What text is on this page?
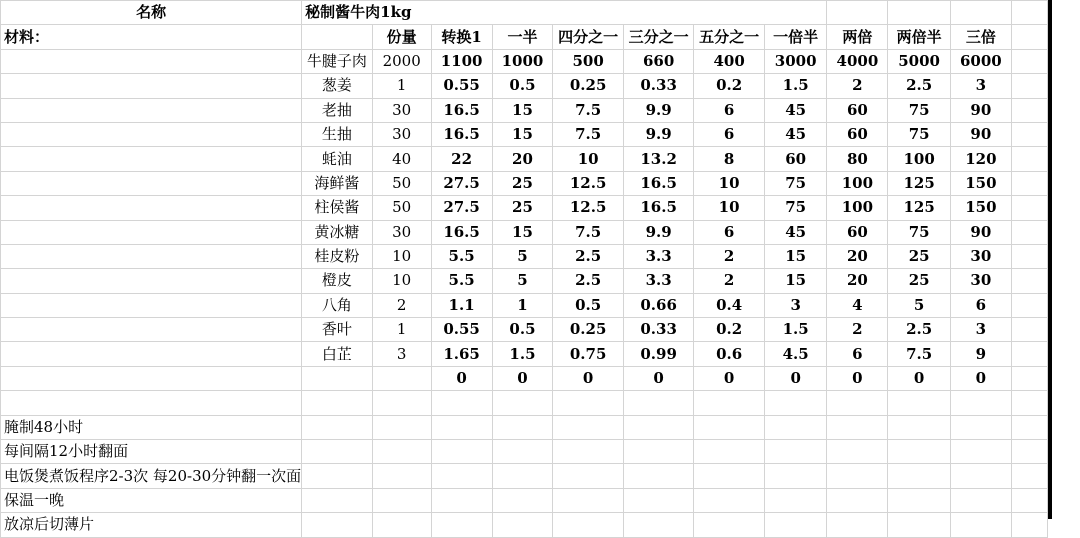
名称	秘制酱牛肉1kg											
材料：		份量	转换1	一半	四分之一	三分之一	五分之一	一倍半	两倍	两倍半	三倍	
	牛腱子肉	2000	1100	1000	500	660	400	3000	4000	5000	6000	
	葱姜	1	0.55	0.5	0.25	0.33	0.2	1.5	2	2.5	3	
	老抽	30	16.5	15	7.5	9.9	6	45	60	75	90	
	生抽	30	16.5	15	7.5	9.9	6	45	60	75	90	
	蚝油	40	22	20	10	13.2	8	60	80	100	120	
	海鲜酱	50	27.5	25	12.5	16.5	10	75	100	125	150	
	柱侯酱	50	27.5	25	12.5	16.5	10	75	100	125	150	
	黄冰糖	30	16.5	15	7.5	9.9	6	45	60	75	90	
	桂皮粉	10	5.5	5	2.5	3.3	2	15	20	25	30	
	橙皮	10	5.5	5	2.5	3.3	2	15	20	25	30	
	八角	2	1.1	1	0.5	0.66	0.4	3	4	5	6	
	香叶	1	0.55	0.5	0.25	0.33	0.2	1.5	2	2.5	3	
	白芷	3	1.65	1.5	0.75	0.99	0.6	4.5	6	7.5	9	
			0	0	0	0	0	0	0	0	0	

腌制48小时												
每间隔12小时翻面												
电饭煲煮饭程序2-3次 每20-30分钟翻一次面												
保温一晚												
放凉后切薄片												
